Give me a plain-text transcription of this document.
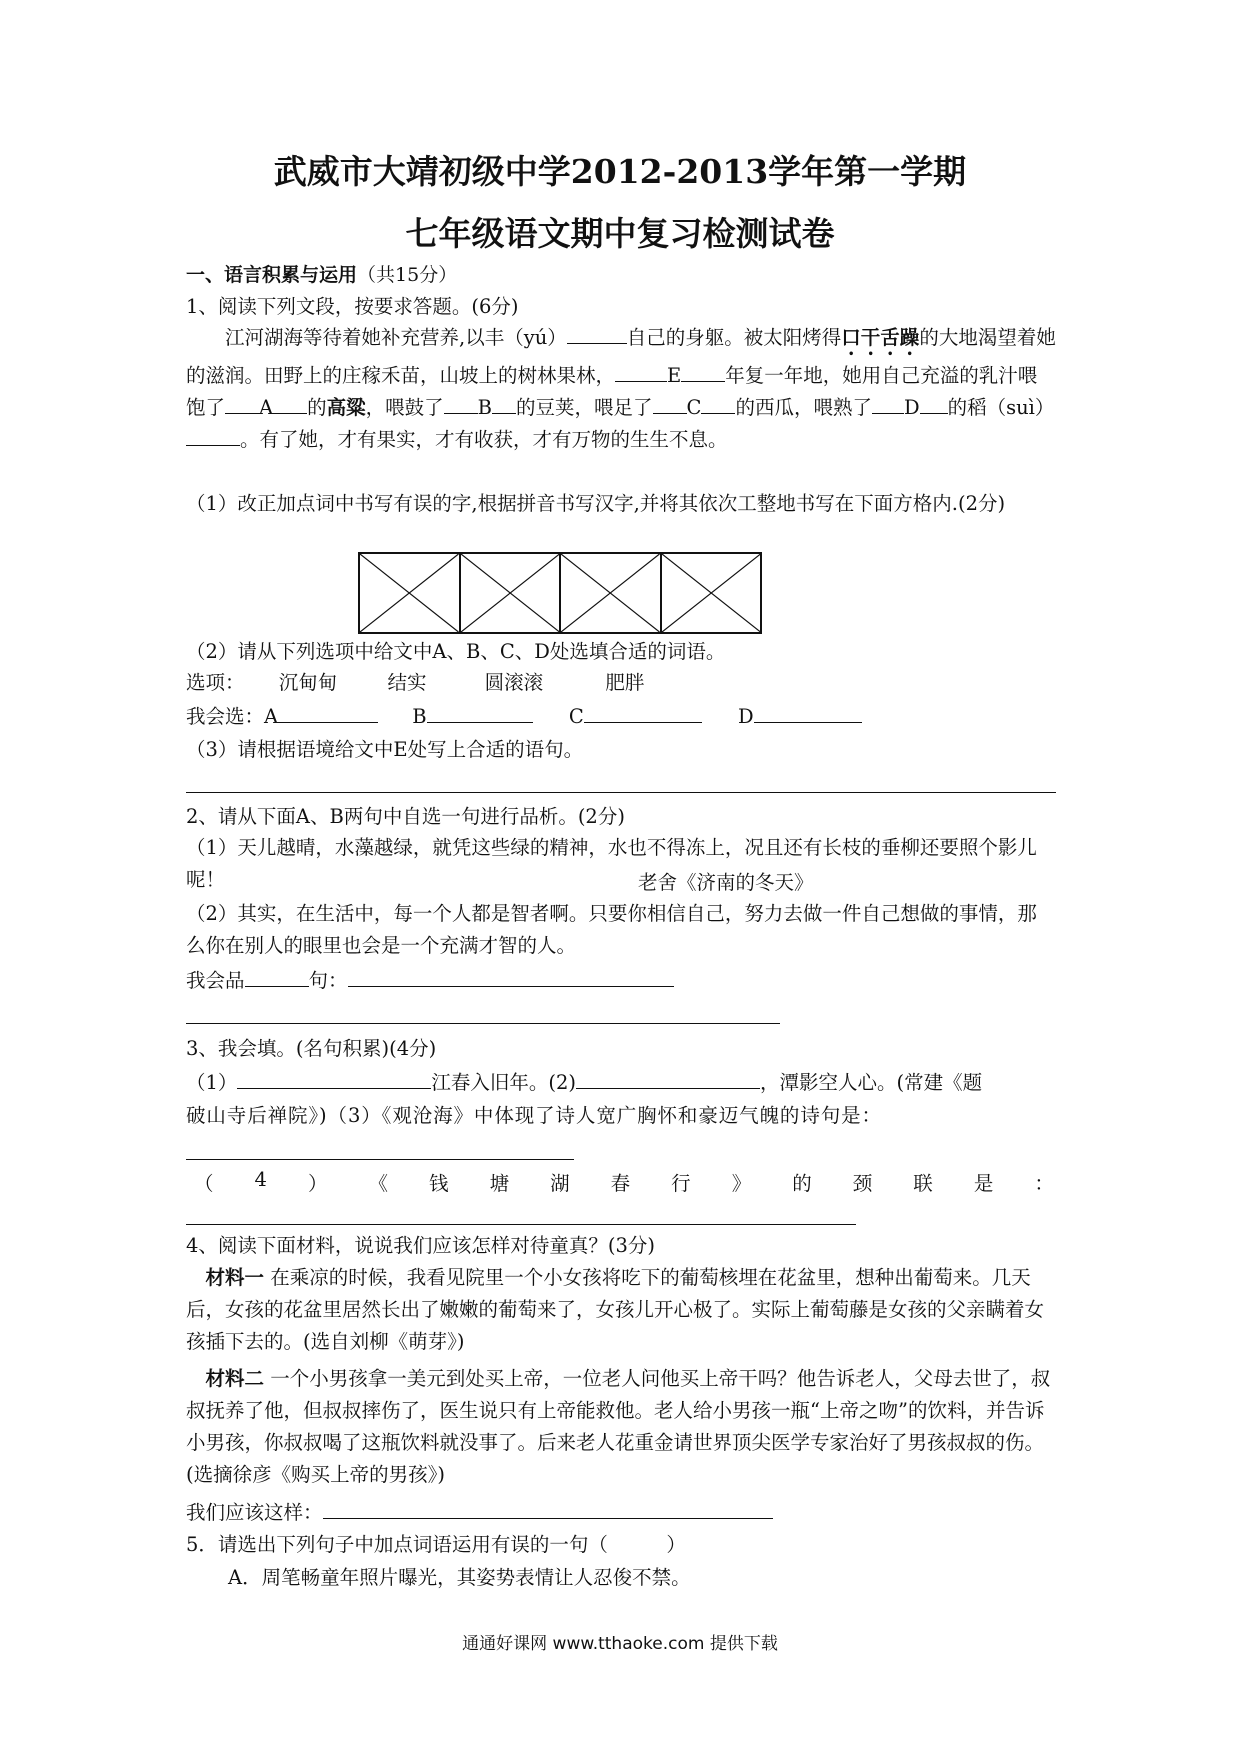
武威市大靖初级中学2012-2013学年第一学期
七年级语文期中复习检测试卷
一、语言积累与运用（共15分）
1、阅读下列文段，按要求答题。(6分)
江河湖海等待着她补充营养,以丰（yú）	自己的身躯。被太阳烤得口干舌躁的大地渴望着她的滋润。田野上的庄稼禾苗，山坡上的树林果林，	E 年复一年地，她用自己充溢的乳汁喂饱了 A 的高粱，喂鼓了 B 的豆荚，喂足了 C 的西瓜，喂熟了 D 的稻（suì）。有了她，才有果实，才有收获，才有万物的生生不息。
（1）改正加点词中书写有误的字,根据拼音书写汉字,并将其依次工整地书写在下面方格内.(2分)
（2）请从下列选项中给文中A、B、C、D处选填合适的词语。
选项： 沉甸甸	结实	圆滚滚	肥胖
我会选：A	B	C	D
（3）请根据语境给文中E处写上合适的语句。
2、请从下面A、B两句中自选一句进行品析。(2分)
（1）天儿越晴，水藻越绿，就凭这些绿的精神，水也不得冻上，况且还有长枝的垂柳还要照个影儿呢！	老舍《济南的冬天》
（2）其实，在生活中，每一个人都是智者啊。只要你相信自己，努力去做一件自己想做的事情，那么你在别人的眼里也会是一个充满才智的人。
我会品	句：
3、我会填。(名句积累)(4分)
（1）	江春入旧年。(2)	，潭影空人心。(常建《题
破山寺后禅院》)（3）《观沧海》中体现了诗人宽广胸怀和豪迈气魄的诗句是：
（ 4 ） 《 钱 塘 湖 春 行 》 的 颈 联 是 ：
4、阅读下面材料，说说我们应该怎样对待童真？(3分)
材料一 在乘凉的时候，我看见院里一个小女孩将吃下的葡萄核埋在花盆里，想种出葡萄来。几天后，女孩的花盆里居然长出了嫩嫩的葡萄来了，女孩儿开心极了。实际上葡萄藤是女孩的父亲瞒着女孩插下去的。(选自刘柳《萌芽》)
材料二 一个小男孩拿一美元到处买上帝，一位老人问他买上帝干吗？他告诉老人，父母去世了，叔叔抚养了他，但叔叔摔伤了，医生说只有上帝能救他。老人给小男孩一瓶“上帝之吻”的饮料，并告诉小男孩，你叔叔喝了这瓶饮料就没事了。后来老人花重金请世界顶尖医学专家治好了男孩叔叔的伤。(选摘徐彦《购买上帝的男孩》)
我们应该这样：
5．请选出下列句子中加点词语运用有误的一句（　　　）
A．周笔畅童年照片曝光，其姿势表情让人忍俊不禁。
通通好课网 www.tthaoke.com 提供下载
